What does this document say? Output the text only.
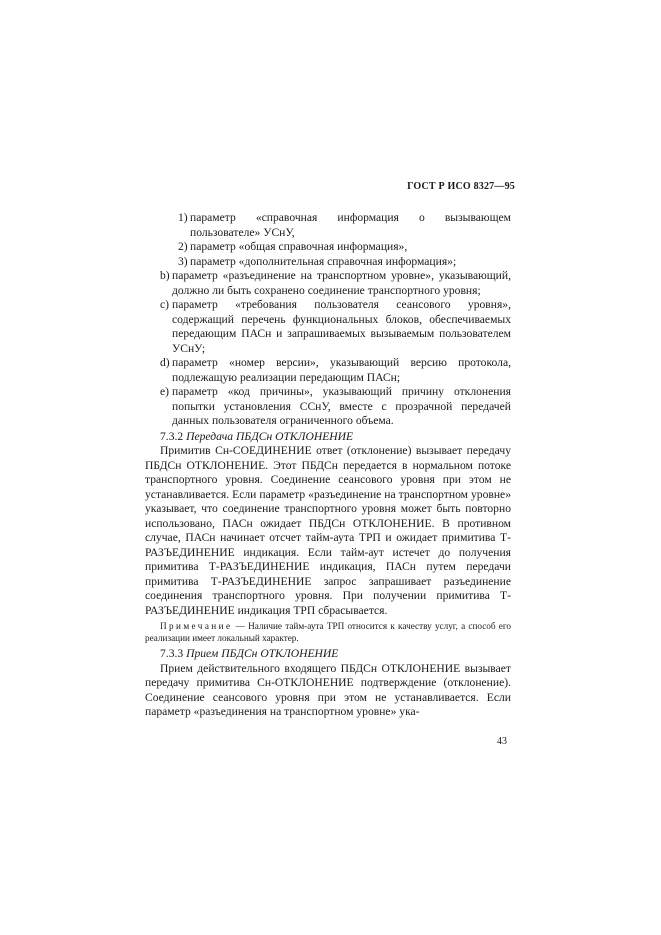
ГОСТ Р ИСО 8327—95
1) параметр «справочная информация о вызывающем пользователе» УСнУ,
2) параметр «общая справочная информация»,
3) параметр «дополнительная справочная информация»;
b) параметр «разъединение на транспортном уровне», указывающий, должно ли быть сохранено соединение транспортного уровня;
c) параметр «требования пользователя сеансового уровня», содержащий перечень функциональных блоков, обеспечиваемых передающим ПАСн и запрашиваемых вызываемым пользователем УСнУ;
d) параметр «номер версии», указывающий версию протокола, подлежащую реализации передающим ПАСн;
e) параметр «код причины», указывающий причину отклонения попытки установления ССнУ, вместе с прозрачной передачей данных пользователя ограниченного объема.
7.3.2 Передача ПБДСн ОТКЛОНЕНИЕ

Примитив Сн-СОЕДИНЕНИЕ ответ (отклонение) вызывает передачу ПБДСн ОТКЛОНЕНИЕ. Этот ПБДСн передается в нормальном потоке транспортного уровня. Соединение сеансового уровня при этом не устанавливается. Если параметр «разъединение на транспортном уровне» указывает, что соединение транспортного уровня может быть повторно использовано, ПАСн ожидает ПБДСн ОТКЛОНЕНИЕ. В противном случае, ПАСн начинает отсчет тайм-аута ТРП и ожидает примитива Т-РАЗЪЕДИНЕНИЕ индикация. Если тайм-аут истечет до получения примитива Т-РАЗЪЕДИНЕНИЕ индикация, ПАСн путем передачи примитива Т-РАЗЪЕДИНЕНИЕ запрос запрашивает разъединение соединения транспортного уровня. При получении примитива Т-РАЗЪЕДИНЕНИЕ индикация ТРП сбрасывается.

Примечание — Наличие тайм-аута ТРП относится к качеству услуг, а способ его реализации имеет локальный характер.

7.3.3 Прием ПБДСн ОТКЛОНЕНИЕ

Прием действительного входящего ПБДСн ОТКЛОНЕНИЕ вызывает передачу примитива Сн-ОТКЛОНЕНИЕ подтверждение (отклонение). Соединение сеансового уровня при этом не устанавливается. Если параметр «разъединения на транспортном уровне» ука-

43
